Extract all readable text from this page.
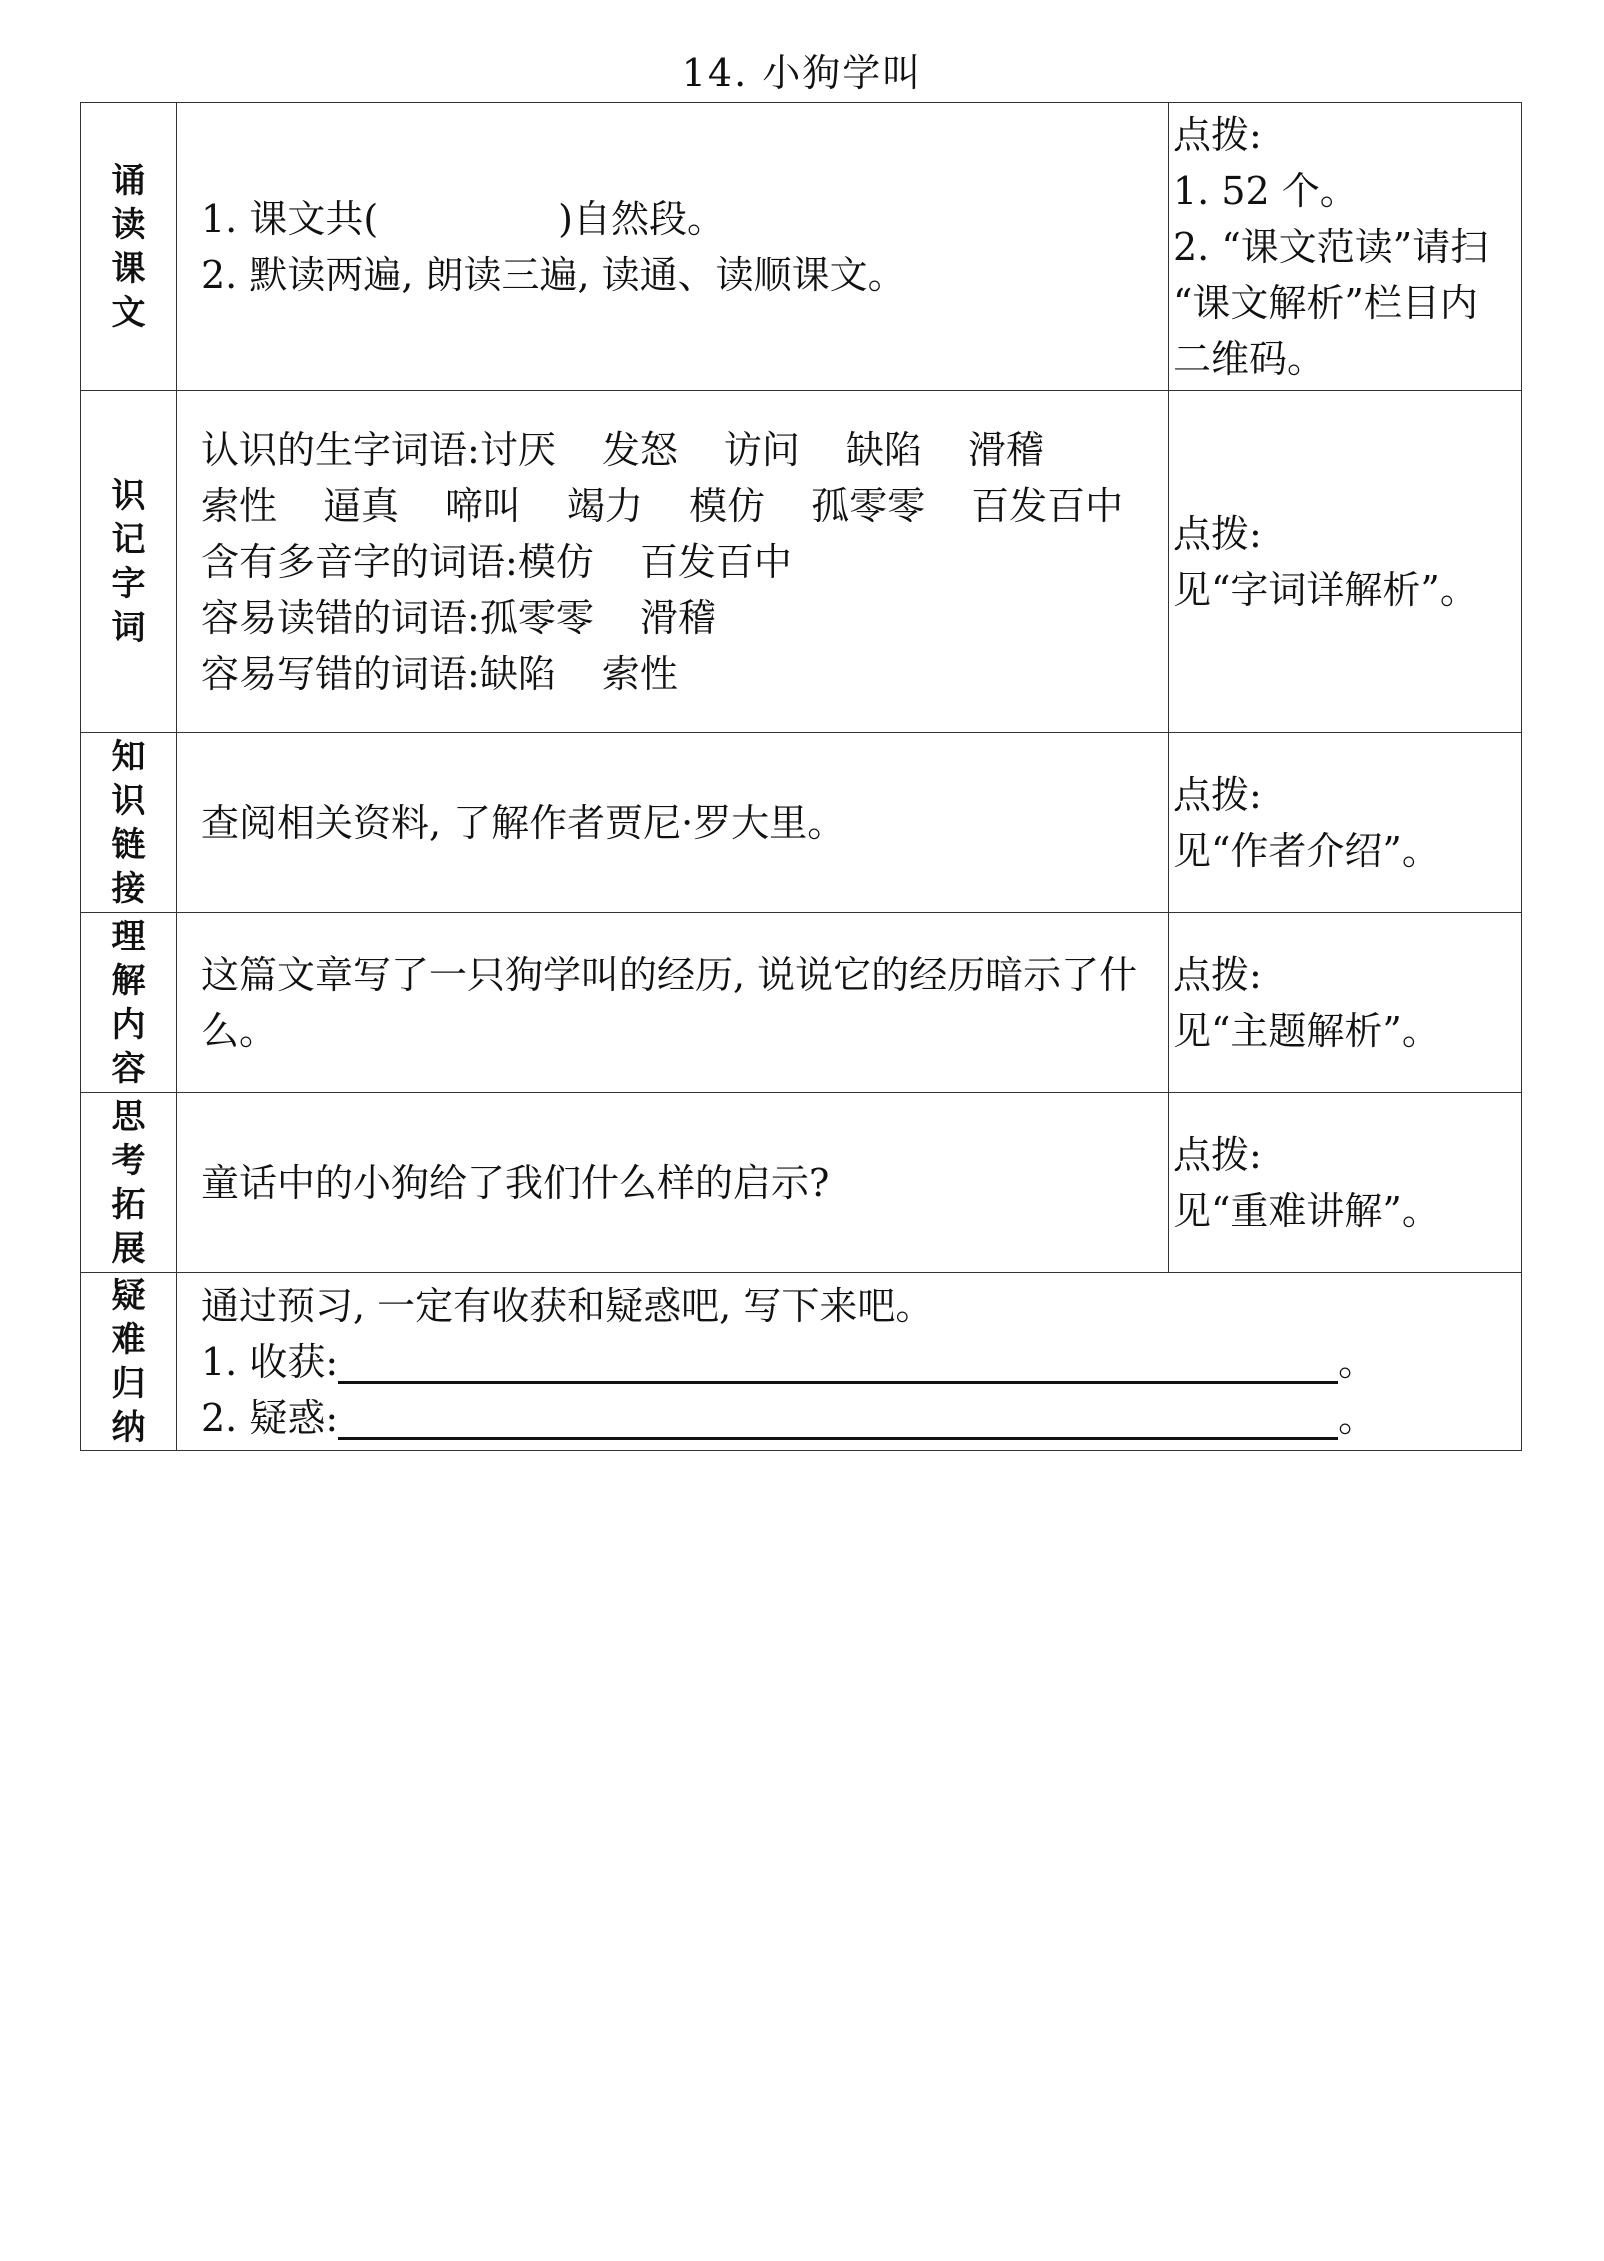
14. 小狗学叫
诵读课文	1. 课文共( )自然段。
2. 默读两遍, 朗读三遍, 读通、读顺课文。	点拨:
1. 52 个。
2. “课文范读”请扫
“课文解析”栏目内
二维码。

识记字词	认识的生字词语:讨厌 发怒 访问 缺陷 滑稽索性 逼真 啼叫 竭力 模仿 孤零零 百发百中
含有多音字的词语:模仿 百发百中
容易读错的词语:孤零零 滑稽
容易写错的词语:缺陷 索性	点拨:
见“字词详解析”。

知识链接	查阅相关资料, 了解作者贾尼·罗大里。	点拨:
见“作者介绍”。

理解内容	这篇文章写了一只狗学叫的经历, 说说它的经历暗示了什么。	点拨:
见“主题解析”。

思考拓展	童话中的小狗给了我们什么样的启示?	点拨:
见“重难讲解”。

疑难归纳	通过预习, 一定有收获和疑惑吧, 写下来吧。
1. 收获: 。
2. 疑惑: 。	
